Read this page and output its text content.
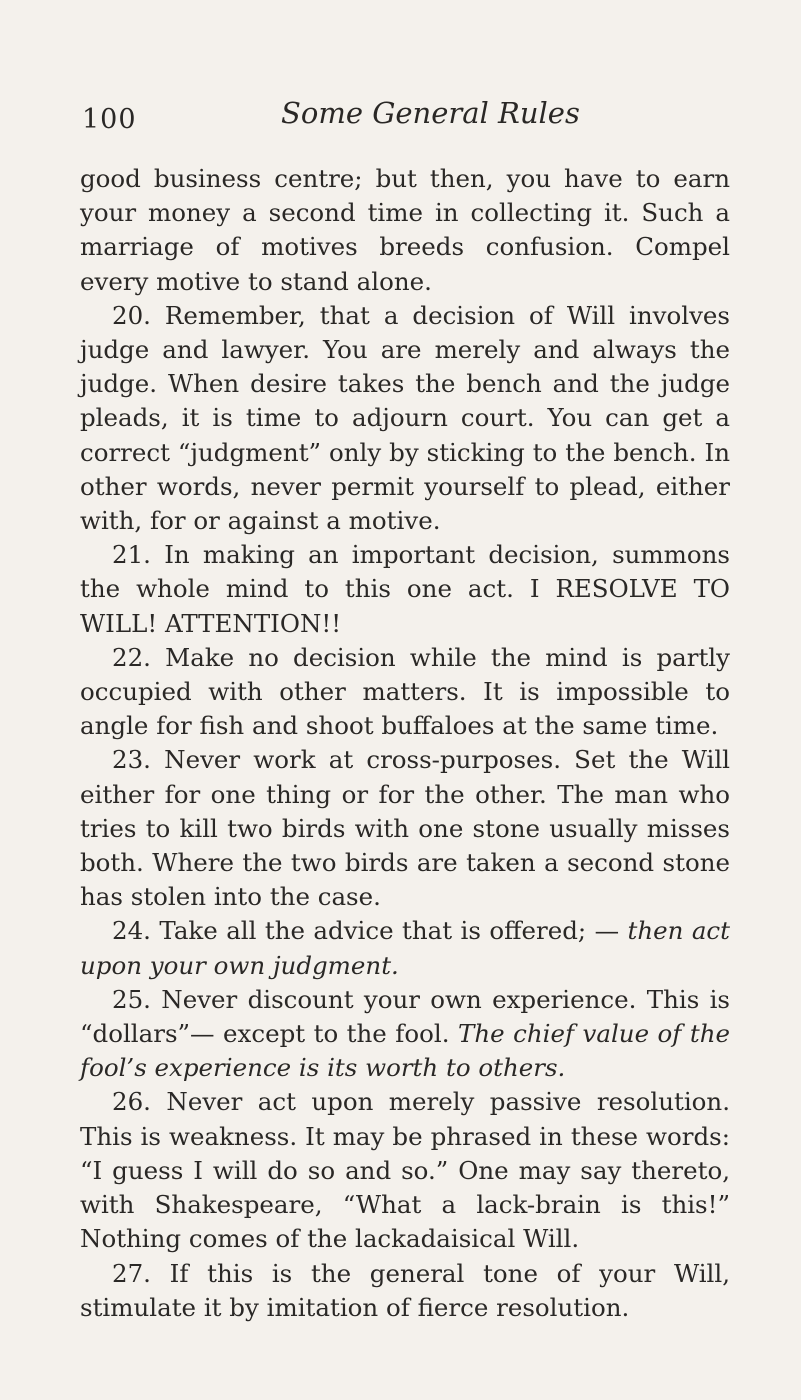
100	Some General Rules

good business centre; but then, you have to earn your money a second time in collecting it. Such a marriage of motives breeds confusion. Compel every motive to stand alone.

20. Remember, that a decision of Will involves judge and lawyer. You are merely and always the judge. When desire takes the bench and the judge pleads, it is time to adjourn court. You can get a correct “judgment” only by sticking to the bench. In other words, never permit yourself to plead, either with, for or against a motive.

21. In making an important decision, summons the whole mind to this one act. I RESOLVE TO WILL! ATTENTION!!

22. Make no decision while the mind is partly occupied with other matters. It is impossible to angle for fish and shoot buffaloes at the same time.

23. Never work at cross-purposes. Set the Will either for one thing or for the other. The man who tries to kill two birds with one stone usually misses both. Where the two birds are taken a second stone has stolen into the case.

24. Take all the advice that is offered; — then act upon your own judgment.

25. Never discount your own experience. This is “dollars”— except to the fool. The chief value of the fool’s experience is its worth to others.

26. Never act upon merely passive resolution. This is weakness. It may be phrased in these words: “I guess I will do so and so.” One may say thereto, with Shakespeare, “What a lack-brain is this!” Nothing comes of the lackadaisical Will.

27. If this is the general tone of your Will, stimulate it by imitation of fierce resolution.
